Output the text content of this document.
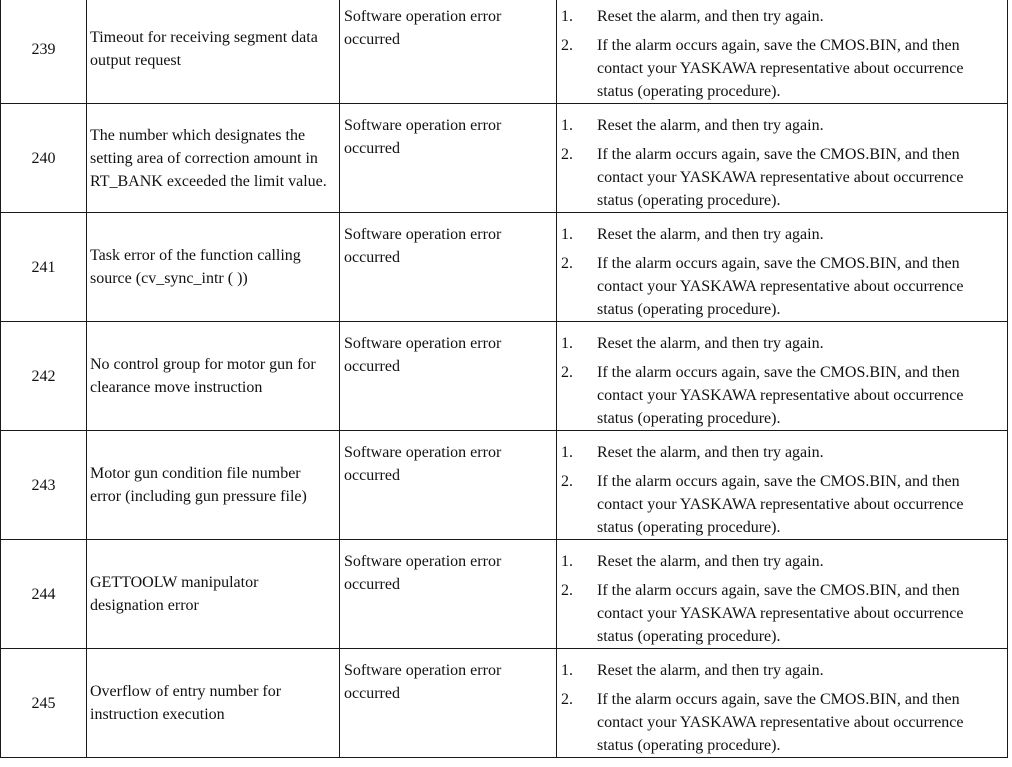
239	Timeout for receiving segment data output request	Software operation error occurred	1. Reset the alarm, and then try again.
2. If the alarm occurs again, save the CMOS.BIN, and then contact your YASKAWA representative about occurrence status (operating procedure).

240	The number which designates the setting area of correction amount in RT_BANK exceeded the limit value.	Software operation error occurred	1. Reset the alarm, and then try again.
2. If the alarm occurs again, save the CMOS.BIN, and then contact your YASKAWA representative about occurrence status (operating procedure).

241	Task error of the function calling source (cv_sync_intr ( ))	Software operation error occurred	1. Reset the alarm, and then try again.
2. If the alarm occurs again, save the CMOS.BIN, and then contact your YASKAWA representative about occurrence status (operating procedure).

242	No control group for motor gun for clearance move instruction	Software operation error occurred	1. Reset the alarm, and then try again.
2. If the alarm occurs again, save the CMOS.BIN, and then contact your YASKAWA representative about occurrence status (operating procedure).

243	Motor gun condition file number error (including gun pressure file)	Software operation error occurred	1. Reset the alarm, and then try again.
2. If the alarm occurs again, save the CMOS.BIN, and then contact your YASKAWA representative about occurrence status (operating procedure).

244	GETTOOLW manipulator designation error	Software operation error occurred	1. Reset the alarm, and then try again.
2. If the alarm occurs again, save the CMOS.BIN, and then contact your YASKAWA representative about occurrence status (operating procedure).

245	Overflow of entry number for instruction execution	Software operation error occurred	1. Reset the alarm, and then try again.
2. If the alarm occurs again, save the CMOS.BIN, and then contact your YASKAWA representative about occurrence status (operating procedure).
